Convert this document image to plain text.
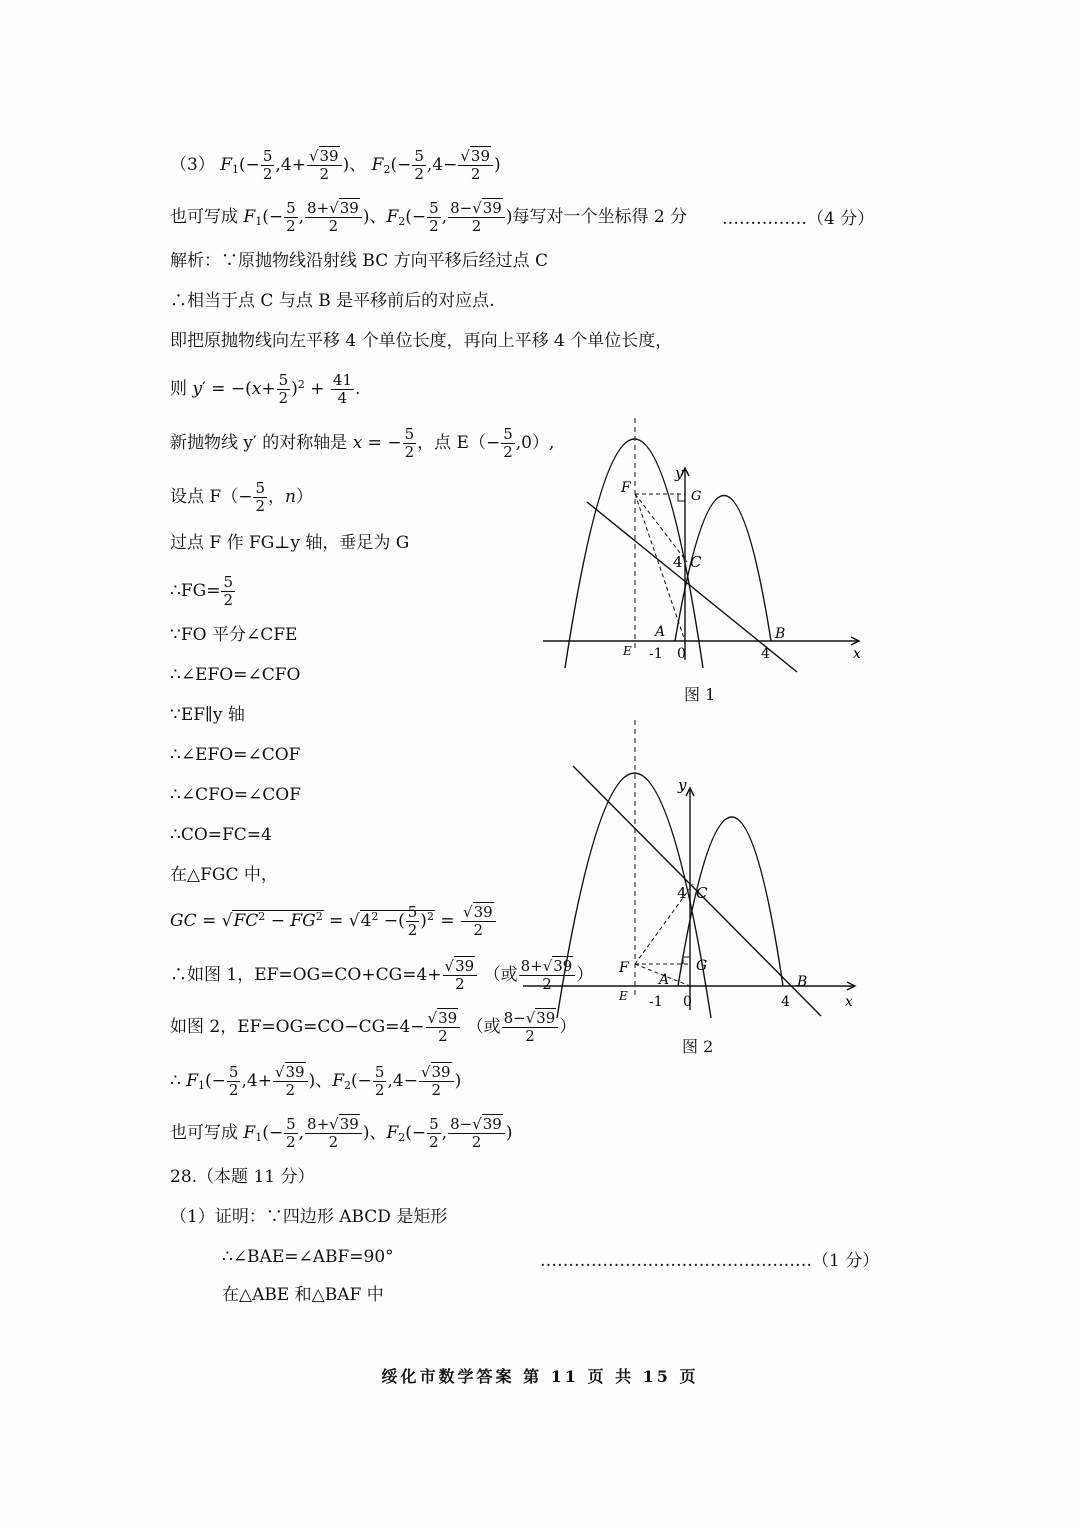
（3） $F_1(- \frac{5}{2} ,4+ \frac{√39}{2}$ )、 $F_2(- \frac{5}{2} ,4- \frac{√39}{2}$ )
也可写成 $F_1(- \frac{5}{2}$ , $\frac{8+√39}{2}$ )、$F_2(- \frac{5}{2}$ , $\frac{8-√39}{2}$ )每写对一个坐标得 2 分 ……………（4 分）
解析：∵原抛物线沿射线 BC 方向平移后经过点 C
∴相当于点 C 与点 B 是平移前后的对应点.
即把原抛物线向左平移 4 个单位长度，再向上平移 4 个单位长度，
则 $y' = -(x+ \frac{5}{2} )^2 + \frac{41}{4}$ .
新抛物线 y′ 的对称轴是 x = − $\frac{5}{2}$ ，点 $E(- \frac{5}{2} ,0)$,
设点 $F(- \frac{5}{2}$ ，n）
过点 F 作 FG⊥y 轴，垂足为 G
∴FG= $\frac{5}{2}$
∵FO 平分∠CFE
∴∠EFO=∠CFO
∵EF∥y 轴
∴∠EFO=∠COF
∴∠CFO=∠COF
∴CO=FC=4
在△FGC 中，
GC = $√FC^2 - FG^2 = √4^2$ −( $\frac{5}{2} )^2 = \frac{√39}{2}$
∴如图 1，$EF=OG=CO+CG=4+ \frac{√39}{2}$ （或 $\frac{8+√39}{2}$ ）
如图 2，$EF=OG=CO-CG=4- \frac{√39}{2}$ （或 $\frac{8-√39}{2}$ ）
∴ $F_1(- \frac{5}{2} ,4+ \frac{√39}{2}$ )、$F_2(- \frac{5}{2} ,4- \frac{√39}{2}$ )
也可写成 $F_1(- \frac{5}{2}$ , $\frac{8+√39}{2}$ )、$F_2(- \frac{5}{2}$ , $\frac{8-√39}{2}$ )
28.（本题 11 分）
（1）证明：∵四边形 ABCD 是矩形
∴∠BAE=∠ABF=90°	…………………………………………（1 分）
在△ABE 和△BAF 中
F
G
4 C
y
x
A	B
E -1 0	4
图 1
F	G
4 C
y
x
A	B
E -1 0	4
图 2
绥化市数学答案 第 11 页 共 15 页
